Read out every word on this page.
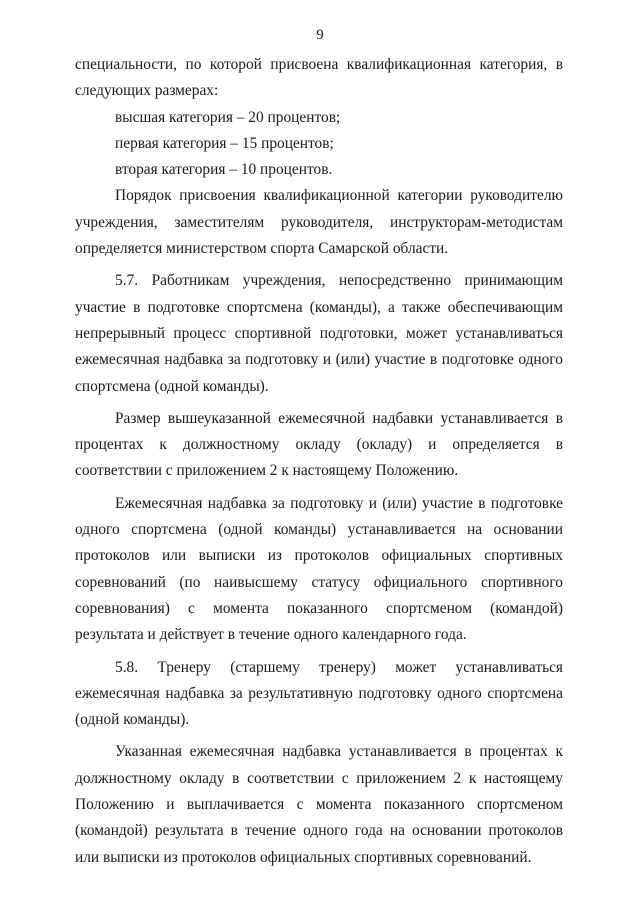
9

специальности, по которой присвоена квалификационная категория, в следующих размерах:

высшая категория – 20 процентов;

первая категория – 15 процентов;

вторая категория – 10 процентов.

Порядок присвоения квалификационной категории руководителю учреждения, заместителям руководителя, инструкторам-методистам определяется министерством спорта Самарской области.

5.7. Работникам учреждения, непосредственно принимающим участие в подготовке спортсмена (команды), а также обеспечивающим непрерывный процесс спортивной подготовки, может устанавливаться ежемесячная надбавка за подготовку и (или) участие в подготовке одного спортсмена (одной команды).

Размер вышеуказанной ежемесячной надбавки устанавливается в процентах к должностному окладу (окладу) и определяется в соответствии с приложением 2 к настоящему Положению.

Ежемесячная надбавка за подготовку и (или) участие в подготовке одного спортсмена (одной команды) устанавливается на основании протоколов или выписки из протоколов официальных спортивных соревнований (по наивысшему статусу официального спортивного соревнования) с момента показанного спортсменом (командой) результата и действует в течение одного календарного года.

5.8. Тренеру (старшему тренеру) может устанавливаться ежемесячная надбавка за результативную подготовку одного спортсмена (одной команды).

Указанная ежемесячная надбавка устанавливается в процентах к должностному окладу в соответствии с приложением 2 к настоящему Положению и выплачивается с момента показанного спортсменом (командой) результата в течение одного года на основании протоколов или выписки из протоколов официальных спортивных соревнований.
